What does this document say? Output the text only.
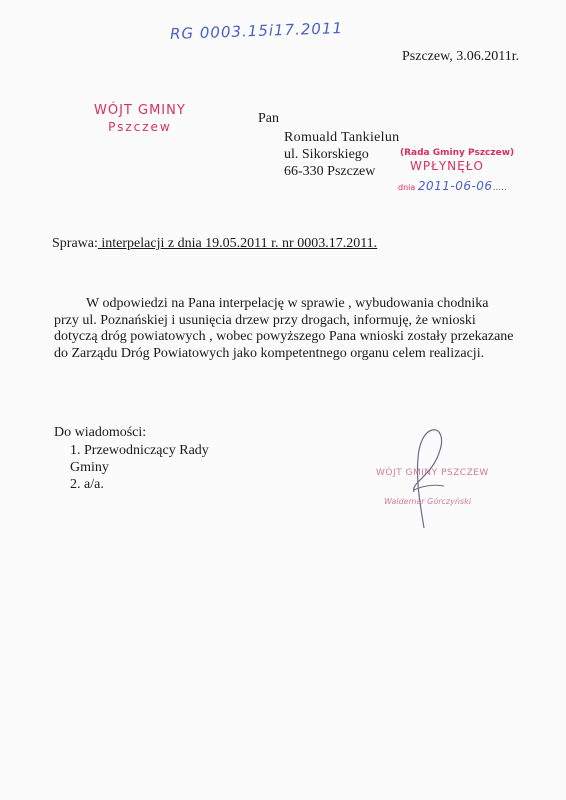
RG 0003.15i17.2011
Pszczew, 3.06.2011r.
WÓJT GMINY
Pszczew
Pan
Romuald Tankielun
ul. Sikorskiego
66-330 Pszczew
(Rada Gminy Pszczew)
WPŁYNĘŁO
dnia 2011-06-06.....
Sprawa: interpelacji z dnia 19.05.2011 r. nr 0003.17.2011.
W odpowiedzi na Pana interpelację w sprawie , wybudowania chodnika przy ul. Poznańskiej i usunięcia drzew przy drogach, informuję, że wnioski dotyczą dróg powiatowych , wobec powyższego Pana wnioski zostały przekazane do Zarządu Dróg Powiatowych jako kompetentnego organu celem realizacji.
Do wiadomości:
1. Przewodniczący Rady
Gminy
2. a/a.
WÓJT GMINY PSZCZEW
Waldemar Górczyński
